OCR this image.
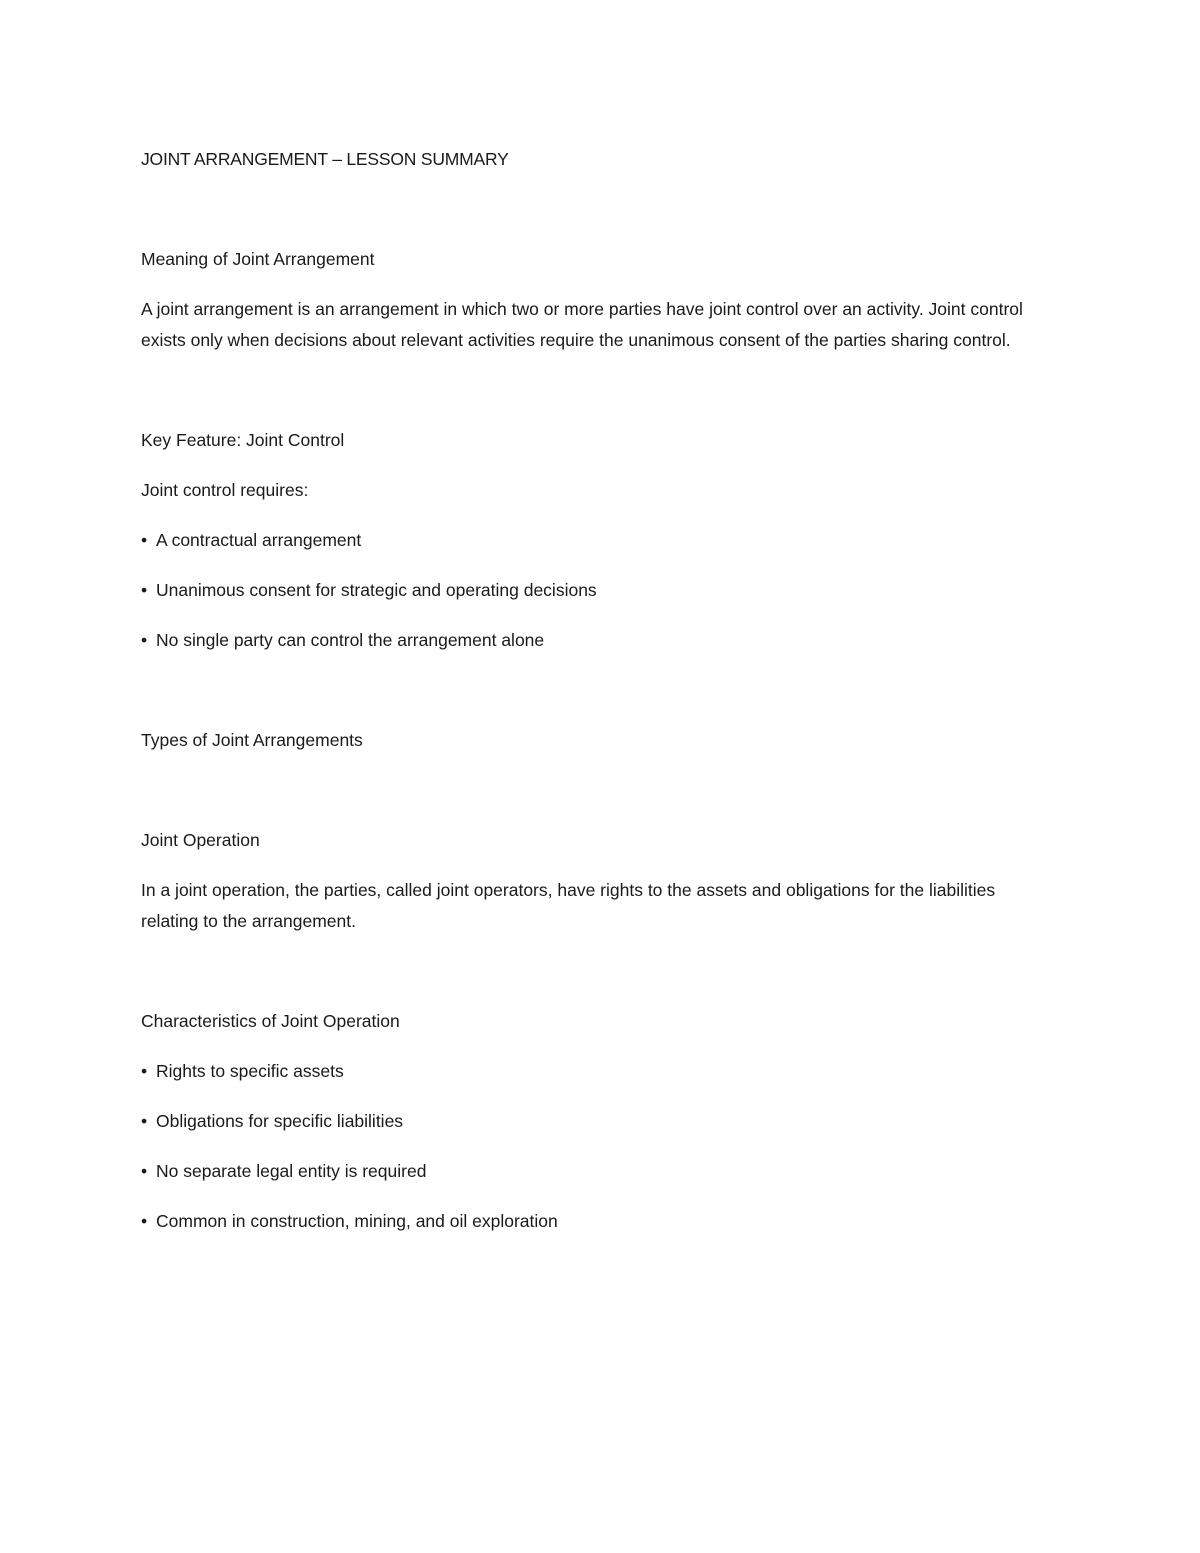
JOINT ARRANGEMENT – LESSON SUMMARY

Meaning of Joint Arrangement

A joint arrangement is an arrangement in which two or more parties have joint control over an activity. Joint control exists only when decisions about relevant activities require the unanimous consent of the parties sharing control.

Key Feature: Joint Control

Joint control requires:

• A contractual arrangement
• Unanimous consent for strategic and operating decisions
• No single party can control the arrangement alone

Types of Joint Arrangements

Joint Operation

In a joint operation, the parties, called joint operators, have rights to the assets and obligations for the liabilities relating to the arrangement.

Characteristics of Joint Operation

• Rights to specific assets
• Obligations for specific liabilities
• No separate legal entity is required
• Common in construction, mining, and oil exploration
